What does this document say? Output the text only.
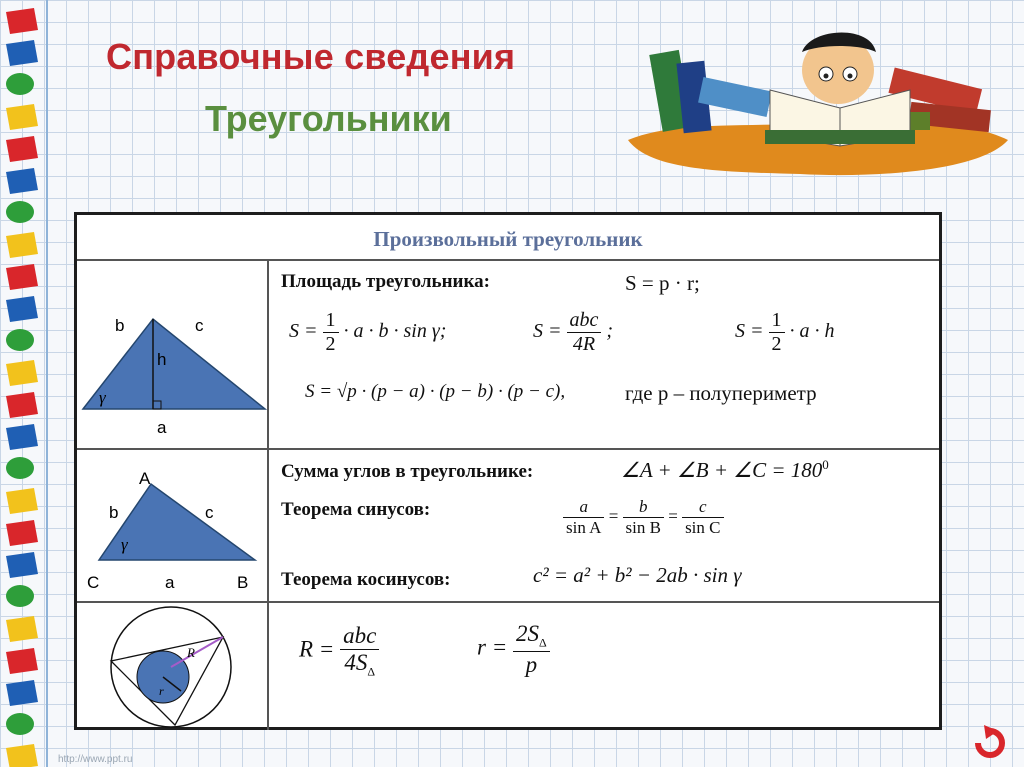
Справочные сведения
Треугольники
Произвольный треугольник
b	c
h
γ
a
Площадь треугольника:	S = p · r;
$S = \frac{1}{2} \cdot a \cdot b \cdot \sin \gamma$;	$S = \frac{\text{abc}}{4R}$ ;	$S = \frac{1}{2} \cdot a \cdot h$
S = √p · (p − a) · (p − b) · (p − c),	где p – полупериметр
A
b	c
γ
C	a	B
Сумма углов в треугольнике:	∠A + ∠B + ∠C = $180^0$
Теорема синусов:	$\frac{a}{\text{sin A}} = \frac{b}{\text{sin B}} = \frac{c}{\text{sin C}}$
Теорема косинусов:	c² = a² + b² − 2ab · sin γ
R
r
$R = \frac{\text{abc}}{4S_\Delta}$	$r = \frac{2S_\Delta}{p}$
http://www.ppt.ru
